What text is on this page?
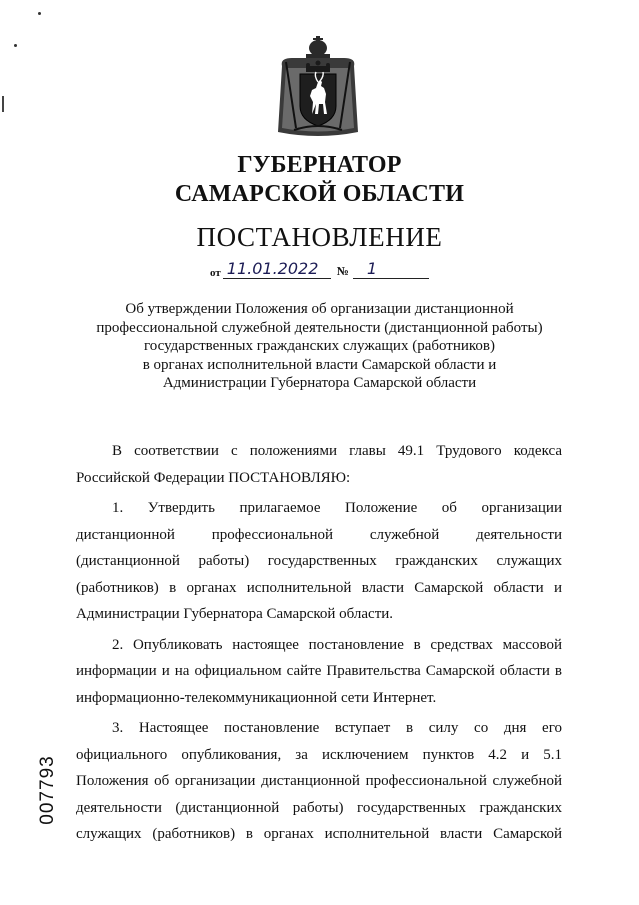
ГУБЕРНАТОР
САМАРСКОЙ ОБЛАСТИ
ПОСТАНОВЛЕНИЕ
от 11.01.2022	№	1
Об утверждении Положения об организации дистанционной
профессиональной служебной деятельности (дистанционной работы)
государственных гражданских служащих (работников)
в органах исполнительной власти Самарской области и
Администрации Губернатора Самарской области

В соответствии с положениями главы 49.1 Трудового кодекса
Российской Федерации ПОСТАНОВЛЯЮ:

1. Утвердить прилагаемое Положение об организации
дистанционной профессиональной служебной деятельности
(дистанционной работы) государственных гражданских служащих
(работников) в органах исполнительной власти Самарской области и
Администрации Губернатора Самарской области.

2. Опубликовать настоящее постановление в средствах массовой
информации и на официальном сайте Правительства Самарской области в
информационно-телекоммуникационной сети Интернет.

3. Настоящее постановление вступает в силу со дня его
официального опубликования, за исключением пунктов 4.2 и 5.1
Положения об организации дистанционной профессиональной служебной
деятельности (дистанционной работы) государственных гражданских
служащих (работников) в органах исполнительной власти Самарской

007793
